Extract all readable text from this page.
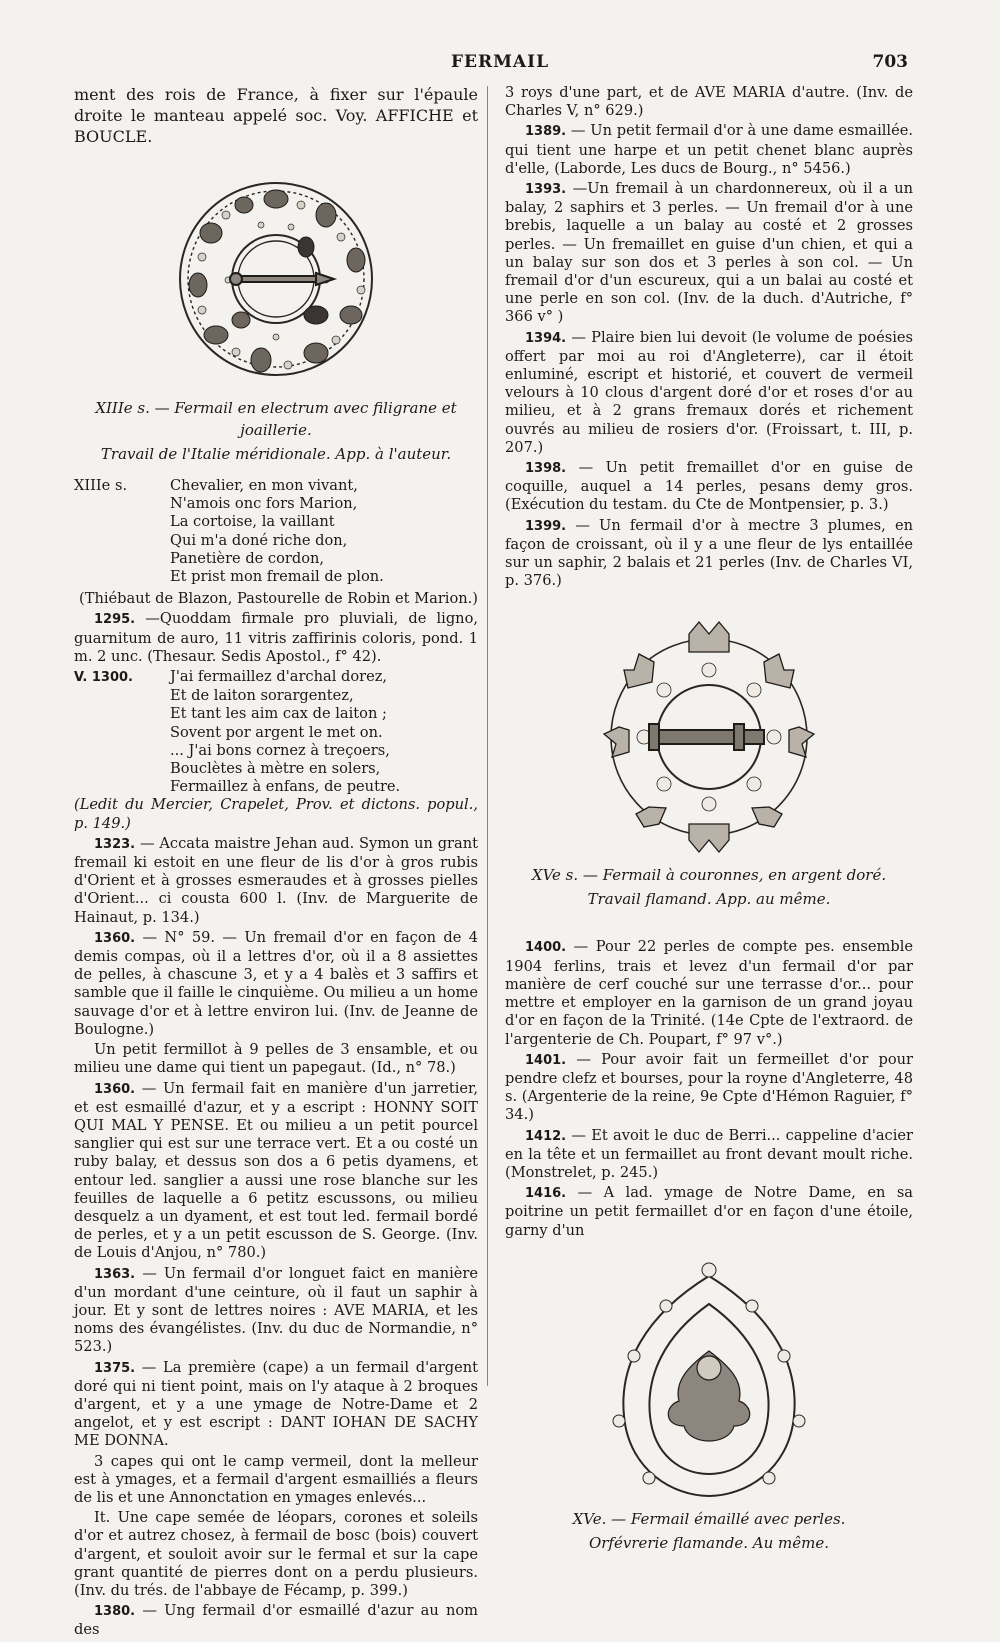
FERMAIL	703

ment des rois de France, à fixer sur l'épaule droite le manteau appelé soc. Voy. AFFICHE et BOUCLE.

XIIIe s. — Fermail en electrum avec filigrane et joaillerie.

Travail de l'Italie méridionale. App. à l'auteur.

XIIIe s.	Chevalier, en mon vivant,
N'amois onc fors Marion,
La cortoise, la vaillant
Qui m'a doné riche don,
Panetière de cordon,
Et prist mon fremail de plon.

(Thiébaut de Blazon, Pastourelle de Robin et Marion.)

1295. —Quoddam firmale pro pluviali, de ligno, guarnitum de auro, 11 vitris zaffirinis coloris, pond. 1 m. 2 unc. (Thesaur. Sedis Apostol., f° 42).

V. 1300.	J'ai fermaillez d'archal dorez,
Et de laiton sorargentez,
Et tant les aim cax de laiton ;
Sovent por argent le met on.
... J'ai bons cornez à treçoers,
Bouclètes à mètre en solers,
Fermaillez à enfans, de peutre.

(Ledit du Mercier, Crapelet, Prov. et dictons. popul., p. 149.)

1323. — Accata maistre Jehan aud. Symon un grant fremail ki estoit en une fleur de lis d'or à gros rubis d'Orient et à grosses esmeraudes et à grosses pielles d'Orient... ci cousta 600 l. (Inv. de Marguerite de Hainaut, p. 134.)

1360. — N° 59. — Un fremail d'or en façon de 4 demis compas, où il a lettres d'or, où il a 8 assiettes de pelles, à chascune 3, et y a 4 balès et 3 saffirs et samble que il faille le cinquième. Ou milieu a un home sauvage d'or et à lettre environ lui. (Inv. de Jeanne de Boulogne.)

Un petit fermillot à 9 pelles de 3 ensamble, et ou milieu une dame qui tient un papegaut. (Id., n° 78.)

1360. — Un fermail fait en manière d'un jarretier, et est esmaillé d'azur, et y a escript : HONNY SOIT QUI MAL Y PENSE. Et ou milieu a un petit pourcel sanglier qui est sur une terrace vert. Et a ou costé un ruby balay, et dessus son dos a 6 petis dyamens, et entour led. sanglier a aussi une rose blanche sur les feuilles de laquelle a 6 petitz escussons, ou milieu desquelz a un dyament, et est tout led. fermail bordé de perles, et y a un petit escusson de S. George. (Inv. de Louis d'Anjou, n° 780.)

1363. — Un fermail d'or longuet faict en manière d'un mordant d'une ceinture, où il faut un saphir à jour. Et y sont de lettres noires : AVE MARIA, et les noms des évangélistes. (Inv. du duc de Normandie, n° 523.)

1375. — La première (cape) a un fermail d'argent doré qui ni tient point, mais on l'y ataque à 2 broques d'argent, et y a une ymage de Notre-Dame et 2 angelot, et y est escript : DANT IOHAN DE SACHY ME DONNA.

3 capes qui ont le camp vermeil, dont la melleur est à ymages, et a fermail d'argent esmailliés a fleurs de lis et une Annonctation en ymages enlevés...

It. Une cape semée de léopars, corones et soleils d'or et autrez chosez, à fermail de bosc (bois) couvert d'argent, et souloit avoir sur le fermal et sur la cape grant quantité de pierres dont on a perdu plusieurs. (Inv. du trés. de l'abbaye de Fécamp, p. 399.)

1380. — Ung fermail d'or esmaillé d'azur au nom des

3 roys d'une part, et de AVE MARIA d'autre. (Inv. de Charles V, n° 629.)

1389. — Un petit fermail d'or à une dame esmaillée. qui tient une harpe et un petit chenet blanc auprès d'elle, (Laborde, Les ducs de Bourg., n° 5456.)

1393. —Un fremail à un chardonnereux, où il a un balay, 2 saphirs et 3 perles. — Un fremail d'or à une brebis, laquelle a un balay au costé et 2 grosses perles. — Un fremaillet en guise d'un chien, et qui a un balay sur son dos et 3 perles à son col. — Un fremail d'or d'un escureux, qui a un balai au costé et une perle en son col. (Inv. de la duch. d'Autriche, f° 366 v° )

1394. — Plaire bien lui devoit (le volume de poésies offert par moi au roi d'Angleterre), car il étoit enluminé, escript et historié, et couvert de vermeil velours à 10 clous d'argent doré d'or et roses d'or au milieu, et à 2 grans fremaux dorés et richement ouvrés au milieu de rosiers d'or. (Froissart, t. III, p. 207.)

1398. — Un petit fremaillet d'or en guise de coquille, auquel a 14 perles, pesans demy gros. (Exécution du testam. du Cte de Montpensier, p. 3.)

1399. — Un fermail d'or à mectre 3 plumes, en façon de croissant, où il y a une fleur de lys entaillée sur un saphir, 2 balais et 21 perles (Inv. de Charles VI, p. 376.)

XVe s. — Fermail à couronnes, en argent doré.

Travail flamand. App. au même.

1400. — Pour 22 perles de compte pes. ensemble 1904 ferlins, trais et levez d'un fermail d'or par manière de cerf couché sur une terrasse d'or... pour mettre et employer en la garnison de un grand joyau d'or en façon de la Trinité. (14e Cpte de l'extraord. de l'argenterie de Ch. Poupart, f° 97 v°.)

1401. — Pour avoir fait un fermeillet d'or pour pendre clefz et bourses, pour la royne d'Angleterre, 48 s. (Argenterie de la reine, 9e Cpte d'Hémon Raguier, f° 34.)

1412. — Et avoit le duc de Berri... cappeline d'acier en la tête et un fermaillet au front devant moult riche. (Monstrelet, p. 245.)

1416. — A lad. ymage de Notre Dame, en sa poitrine un petit fermaillet d'or en façon d'une étoile, garny d'un

XVe. — Fermail émaillé avec perles.

Orfévrerie flamande. Au même.
